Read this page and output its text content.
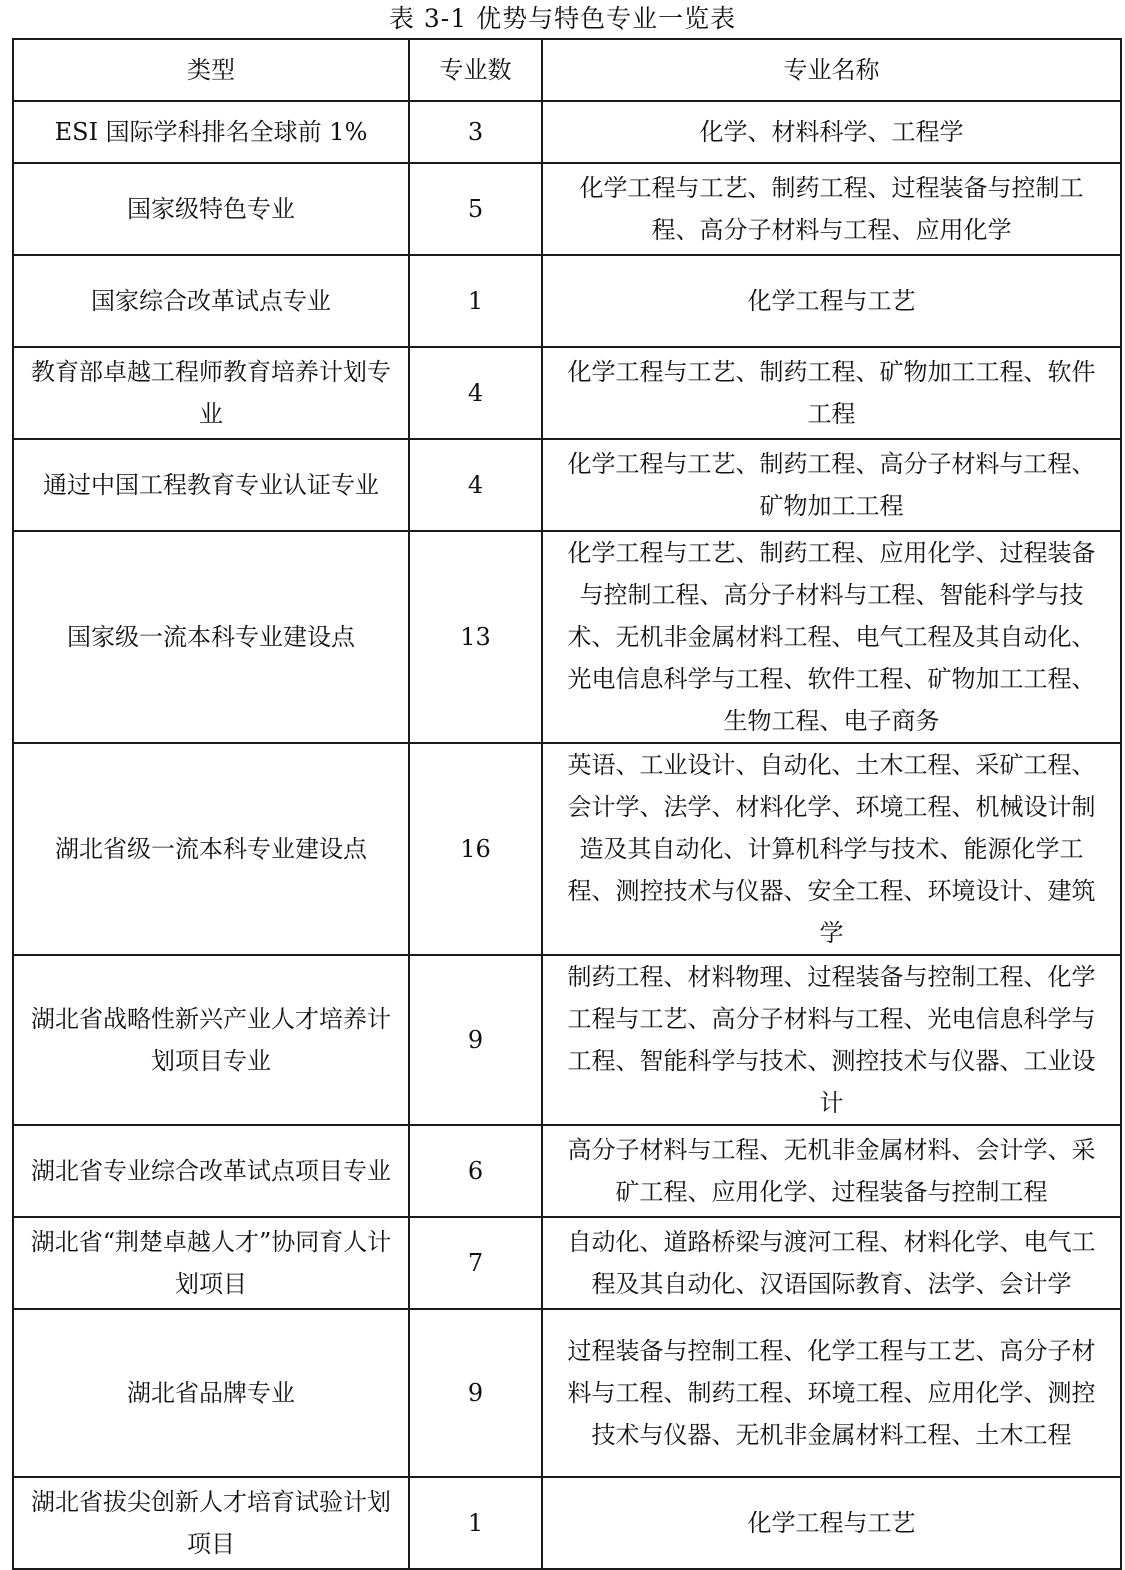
表 3-1 优势与特色专业一览表
类型	专业数	专业名称
ESI 国际学科排名全球前 1%	3	化学、材料科学、工程学
国家级特色专业	5	化学工程与工艺、制药工程、过程装备与控制工程、高分子材料与工程、应用化学
国家综合改革试点专业	1	化学工程与工艺
教育部卓越工程师教育培养计划专业	4	化学工程与工艺、制药工程、矿物加工工程、软件工程
通过中国工程教育专业认证专业	4	化学工程与工艺、制药工程、高分子材料与工程、矿物加工工程
国家级一流本科专业建设点	13	化学工程与工艺、制药工程、应用化学、过程装备与控制工程、高分子材料与工程、智能科学与技术、无机非金属材料工程、电气工程及其自动化、光电信息科学与工程、软件工程、矿物加工工程、生物工程、电子商务
湖北省级一流本科专业建设点	16	英语、工业设计、自动化、土木工程、采矿工程、会计学、法学、材料化学、环境工程、机械设计制造及其自动化、计算机科学与技术、能源化学工程、测控技术与仪器、安全工程、环境设计、建筑学
湖北省战略性新兴产业人才培养计划项目专业	9	制药工程、材料物理、过程装备与控制工程、化学工程与工艺、高分子材料与工程、光电信息科学与工程、智能科学与技术、测控技术与仪器、工业设计
湖北省专业综合改革试点项目专业	6	高分子材料与工程、无机非金属材料、会计学、采矿工程、应用化学、过程装备与控制工程
湖北省“荆楚卓越人才”协同育人计划项目	7	自动化、道路桥梁与渡河工程、材料化学、电气工程及其自动化、汉语国际教育、法学、会计学
湖北省品牌专业	9	过程装备与控制工程、化学工程与工艺、高分子材料与工程、制药工程、环境工程、应用化学、测控技术与仪器、无机非金属材料工程、土木工程
湖北省拔尖创新人才培育试验计划项目	1	化学工程与工艺
